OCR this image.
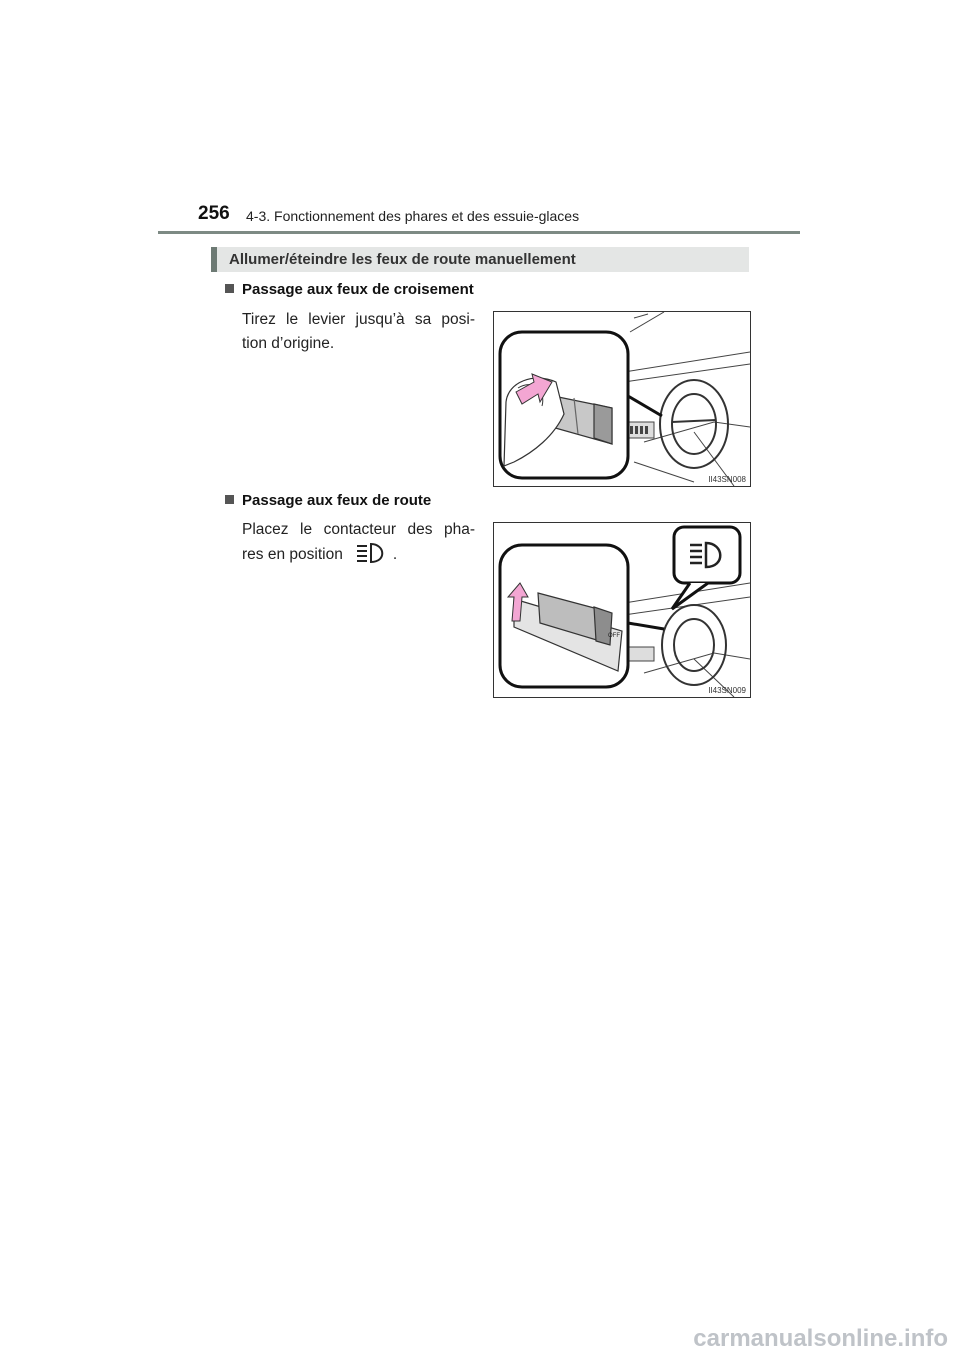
256 4-3. Fonctionnement des phares et des essuie-glaces
Allumer/éteindre les feux de route manuellement
Passage aux feux de croisement
Tirez le levier jusqu’à sa posi-
tion d’origine.
II43SN008
Passage aux feux de route
Placez le contacteur des pha-
res en position	.
OFF
II43SN009
carmanualsonline.info
